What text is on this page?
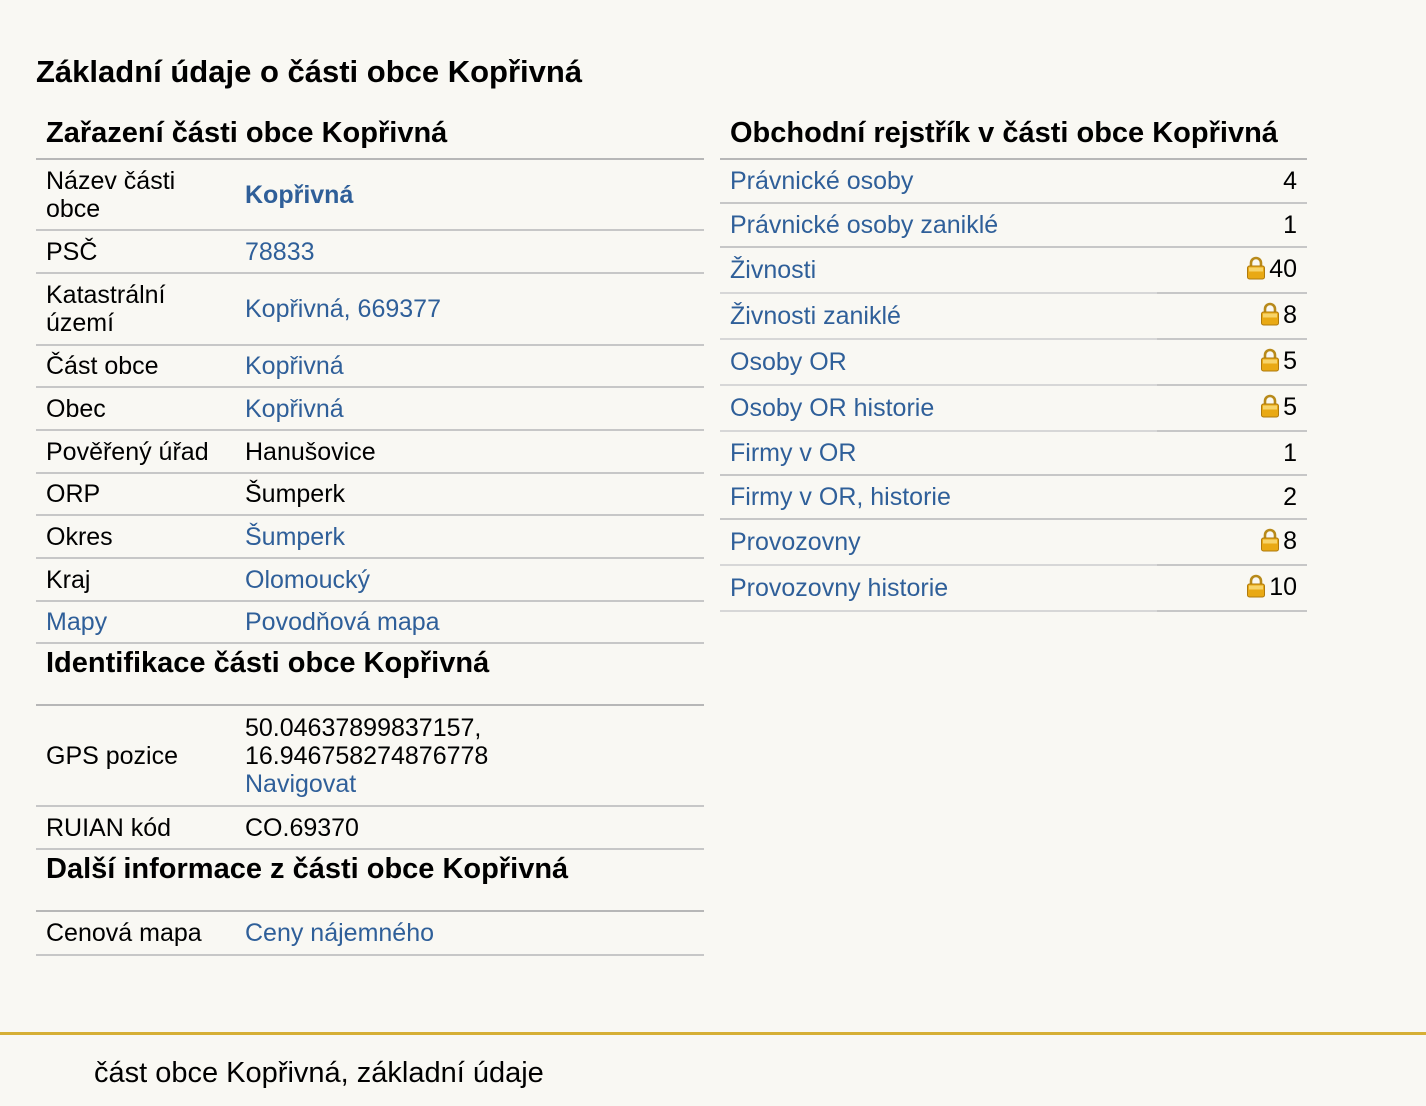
Základní údaje o části obce Kopřivná
Zařazení části obce Kopřivná
Název části obce	Kopřivná
PSČ	78833
Katastrální území	Kopřivná, 669377
Část obce	Kopřivná
Obec	Kopřivná
Pověřený úřad	Hanušovice
ORP	Šumperk
Okres	Šumperk
Kraj	Olomoucký
Mapy	Povodňová mapa
Identifikace části obce Kopřivná
GPS pozice	50.04637899837157,
16.946758274876778
Navigovat
RUIAN kód	CO.69370
Další informace z části obce Kopřivná
Cenová mapa	Ceny nájemného
Obchodní rejstřík v části obce Kopřivná
Právnické osoby	4
Právnické osoby zaniklé	1
Živnosti	40
Živnosti zaniklé	8
Osoby OR	5
Osoby OR historie	5
Firmy v OR	1
Firmy v OR, historie	2
Provozovny	8
Provozovny historie	10
část obce Kopřivná, základní údaje
